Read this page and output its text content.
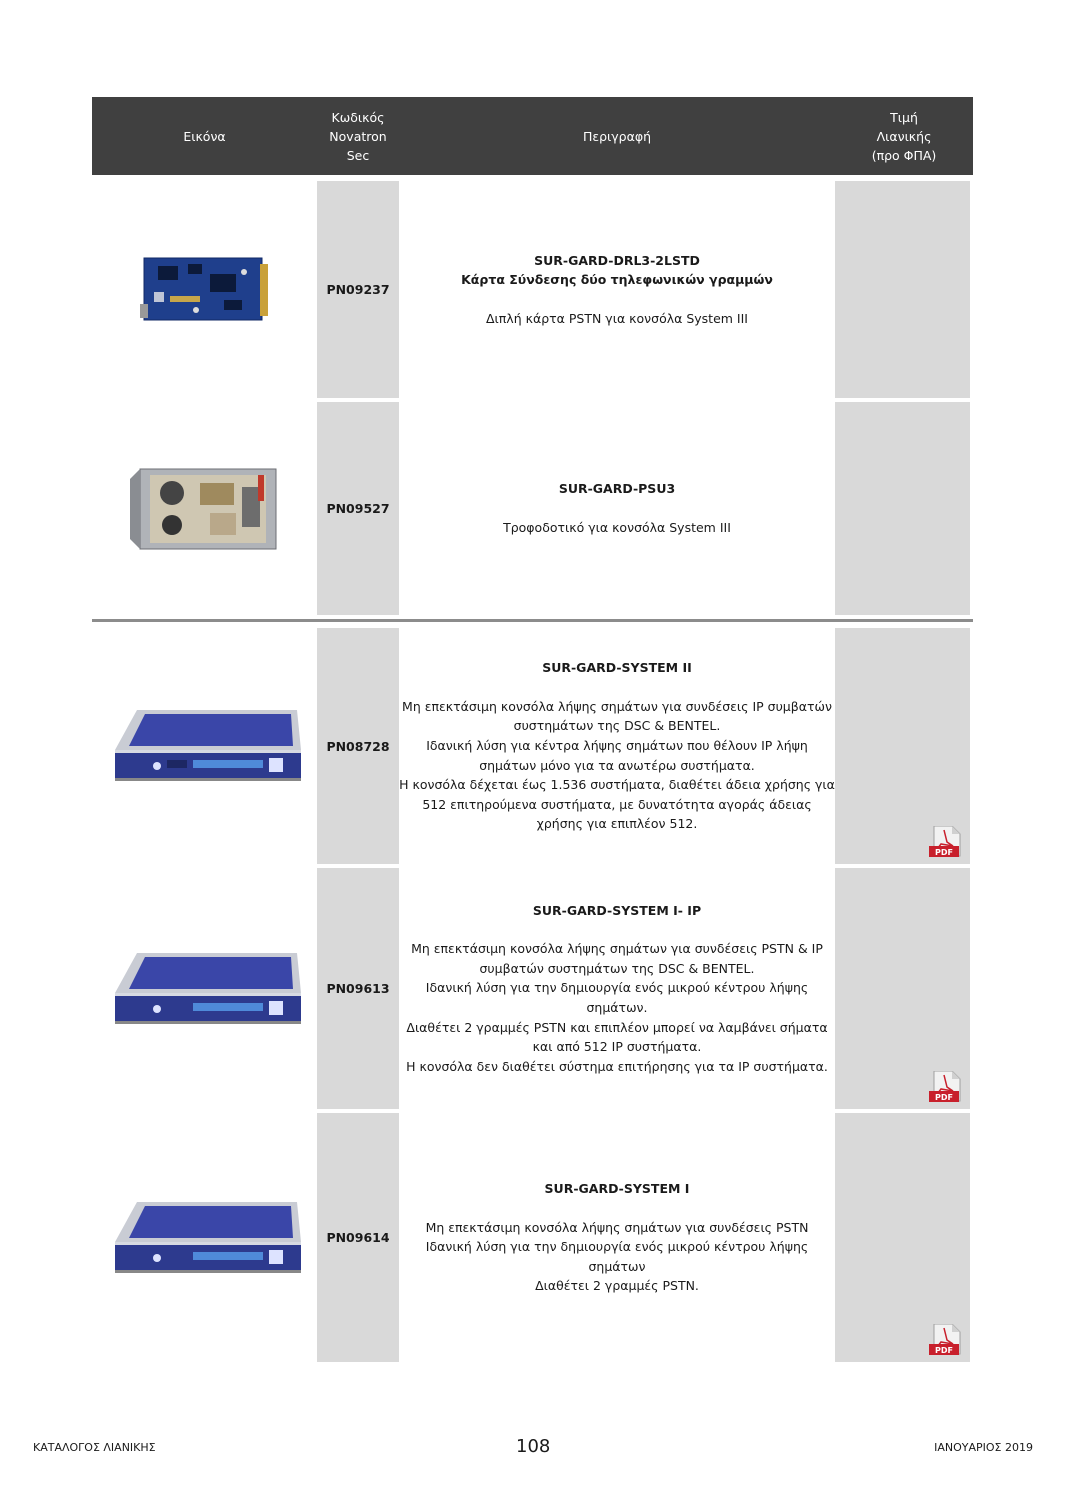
Εικόνα
Κωδικός
Novatron
Sec
Περιγραφή
Τιμή
Λιανικής
(προ ΦΠΑ)
PN09237
SUR-GARD-DRL3-2LSTD
Κάρτα Σύνδεσης δύο τηλεφωνικών γραμμών
Διπλή κάρτα PSTN για κονσόλα System III
PN09527
SUR-GARD-PSU3
Τροφοδοτικό για κονσόλα System III
PN08728
SUR-GARD-SYSTEM II
Μη επεκτάσιμη κονσόλα λήψης σημάτων για συνδέσεις IP συμβατών
συστημάτων της DSC & BENTEL.
Ιδανική λύση για κέντρα λήψης σημάτων που θέλουν IP λήψη
σημάτων μόνο για τα ανωτέρω συστήματα.
Η κονσόλα δέχεται έως 1.536 συστήματα, διαθέτει άδεια χρήσης για
512 επιτηρούμενα συστήματα, με δυνατότητα αγοράς άδειας
χρήσης για επιπλέον 512.
PDF
PN09613
SUR-GARD-SYSTEM I- IP
Μη επεκτάσιμη κονσόλα λήψης σημάτων για συνδέσεις PSTN & IP
συμβατών συστημάτων της DSC & BENTEL.
Ιδανική λύση για την δημιουργία ενός μικρού κέντρου λήψης
σημάτων.
Διαθέτει 2 γραμμές PSTN και επιπλέον μπορεί να λαμβάνει σήματα
και από 512 IP συστήματα.
Η κονσόλα δεν διαθέτει σύστημα επιτήρησης για τα IP συστήματα.
PDF
PN09614
SUR-GARD-SYSTEM I
Μη επεκτάσιμη κονσόλα λήψης σημάτων για συνδέσεις PSTN
Ιδανική λύση για την δημιουργία ενός μικρού κέντρου λήψης
σημάτων
Διαθέτει 2 γραμμές PSTN.
PDF
ΚΑΤΑΛΟΓΟΣ ΛΙΑΝΙΚΗΣ	108	ΙΑΝΟΥΑΡΙΟΣ 2019
